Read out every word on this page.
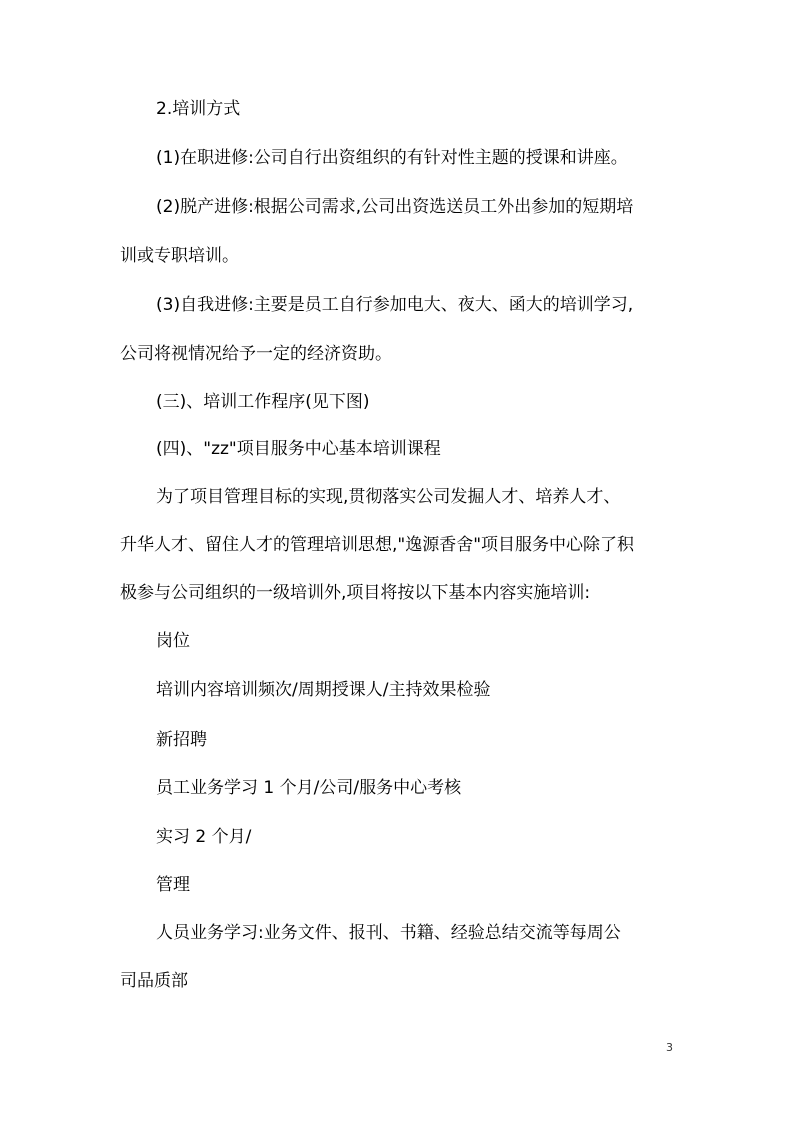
2.培训方式
(1)在职进修:公司自行出资组织的有针对性主题的授课和讲座。
(2)脱产进修:根据公司需求,公司出资选送员工外出参加的短期培
训或专职培训。
(3)自我进修:主要是员工自行参加电大、夜大、函大的培训学习,
公司将视情况给予一定的经济资助。
(三)、培训工作程序(见下图)
(四)、"zz"项目服务中心基本培训课程
为了项目管理目标的实现,贯彻落实公司发掘人才、培养人才、
升华人才、留住人才的管理培训思想,"逸源香舍"项目服务中心除了积
极参与公司组织的一级培训外,项目将按以下基本内容实施培训:
岗位
培训内容培训频次/周期授课人/主持效果检验
新招聘
员工业务学习 1 个月/公司/服务中心考核
实习 2 个月/
管理
人员业务学习:业务文件、报刊、书籍、经验总结交流等每周公
司品质部
3
